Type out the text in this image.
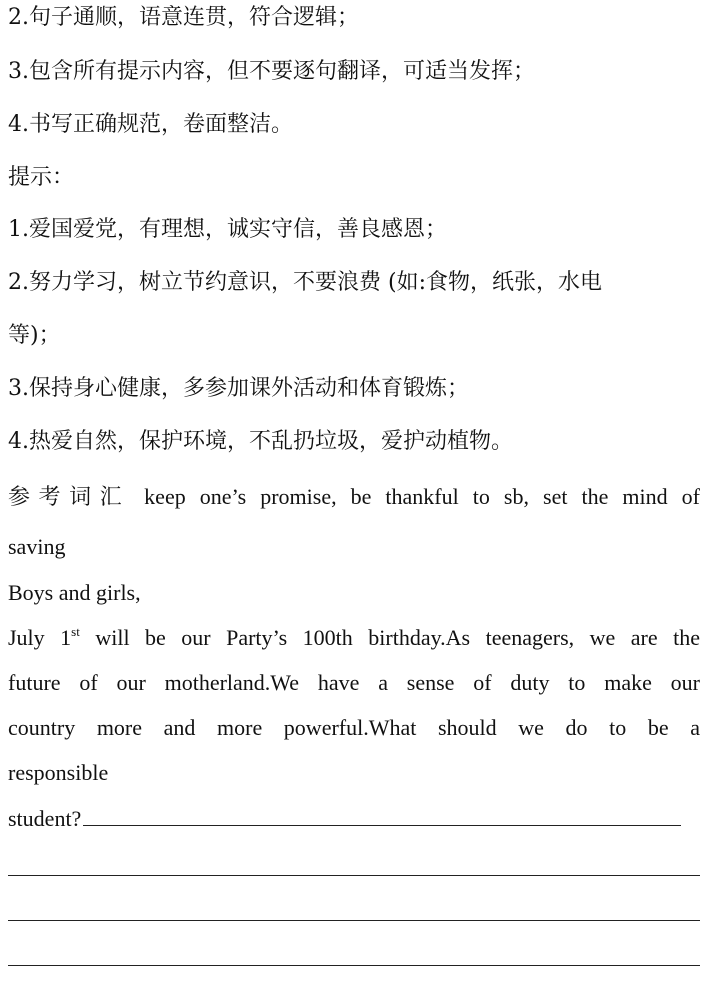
2.句子通顺，语意连贯，符合逻辑；
3.包含所有提示内容，但不要逐句翻译，可适当发挥；
4.书写正确规范，卷面整洁。
提示：
1.爱国爱党，有理想，诚实守信，善良感恩；
2.努力学习，树立节约意识，不要浪费 (如:食物，纸张，水电
等)；
3.保持身心健康，多参加课外活动和体育锻炼；
4.热爱自然，保护环境，不乱扔垃圾，爱护动植物。
参考词汇 keep one’s promise, be thankful to sb, set the mind of
saving
Boys and girls,
July 1st will be our Party’s 100th birthday.As teenagers, we are the
future of our motherland.We have a sense of duty to make our
country more and more powerful.What should we do to be a
responsible
student?
